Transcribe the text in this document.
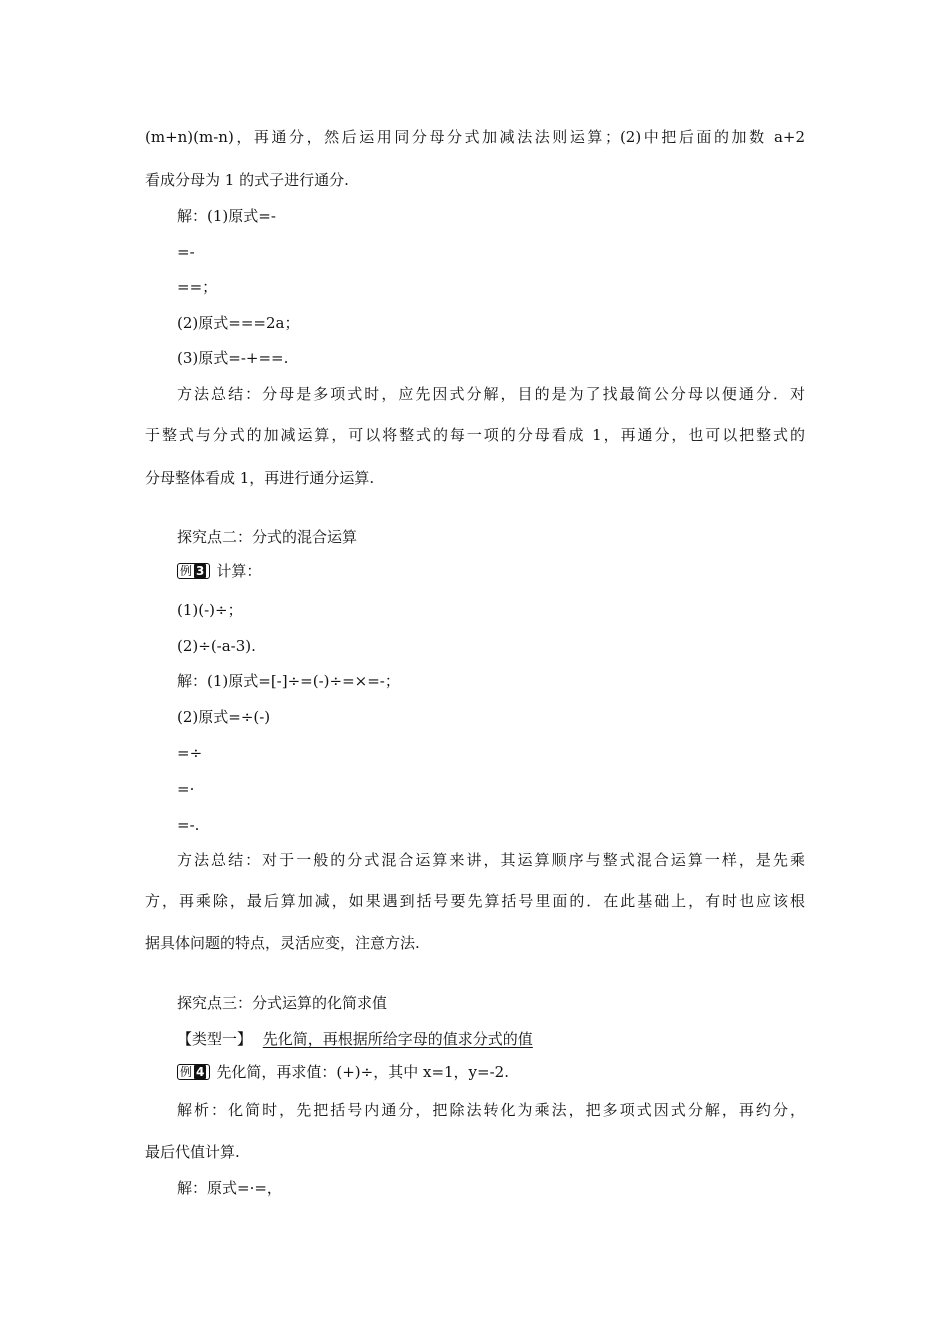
(m+n)(m-n)，再通分，然后运用同分母分式加减法法则运算；(2)中把后面的加数 a+2
看成分母为 1 的式子进行通分.
解：(1)原式=-
=-
==；
(2)原式===2a；
(3)原式=-+==.
方法总结：分母是多项式时，应先因式分解，目的是为了找最简公分母以便通分．对
于整式与分式的加减运算，可以将整式的每一项的分母看成 1，再通分，也可以把整式的
分母整体看成 1，再进行通分运算.
探究点二：分式的混合运算
例 3 计算：
(1)(-)÷；
(2)÷(-a-3).
解：(1)原式=[-]÷=(-)÷=×=-；
(2)原式=÷(-)
=÷
=·
=-.
方法总结：对于一般的分式混合运算来讲，其运算顺序与整式混合运算一样，是先乘
方，再乘除，最后算加减，如果遇到括号要先算括号里面的．在此基础上，有时也应该根
据具体问题的特点，灵活应变，注意方法.
探究点三：分式运算的化简求值
【类型一】 先化简，再根据所给字母的值求分式的值
例 4 先化简，再求值：(+)÷，其中 x=1，y=-2.
解析：化简时，先把括号内通分，把除法转化为乘法，把多项式因式分解，再约分，
最后代值计算.
解：原式=·=，
